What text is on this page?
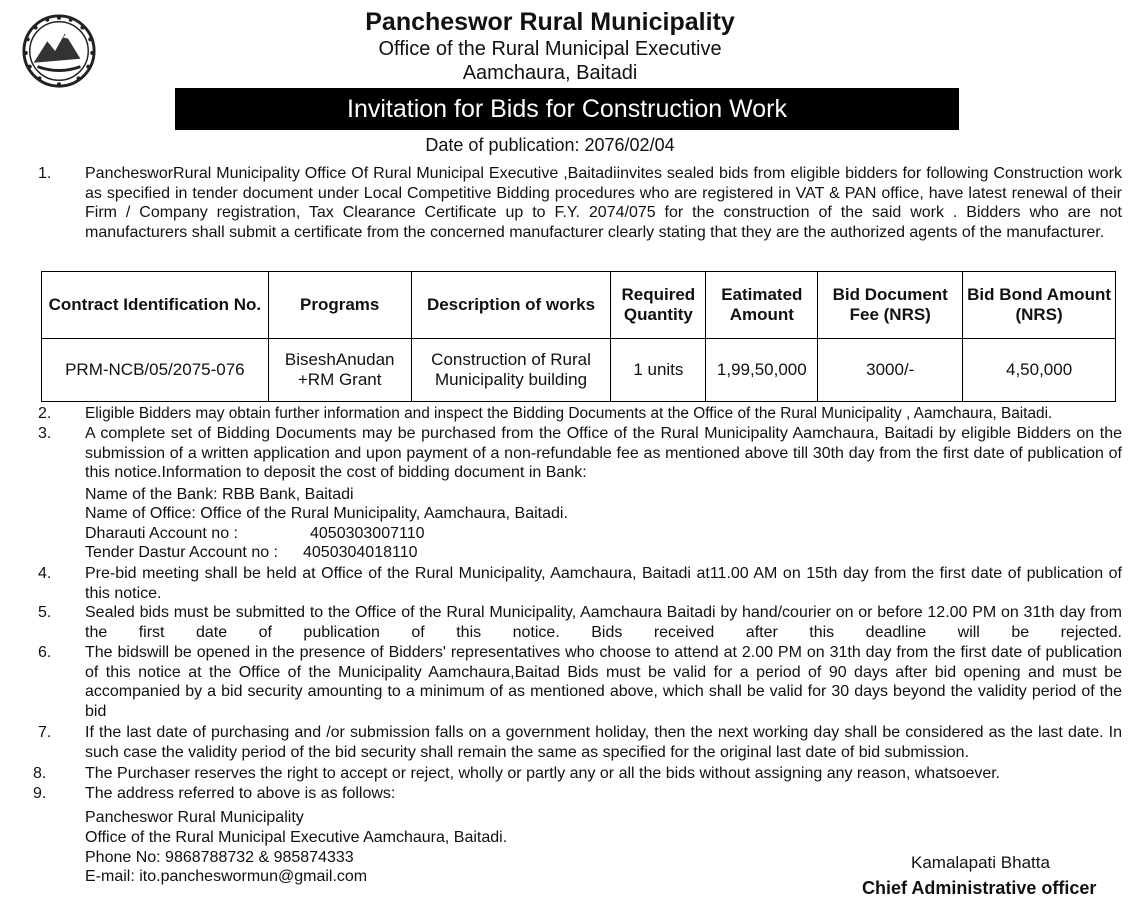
Pancheswor Rural Municipality
Office of the Rural Municipal Executive
Aamchaura, Baitadi
Invitation for Bids for Construction Work
Date of publication: 2076/02/04
1. PanchesworRural Municipality Office Of Rural Municipal Executive ,Baitadiinvites sealed bids from eligible bidders for following Construction work as specified in tender document under Local Competitive Bidding procedures who are registered in VAT & PAN office, have latest renewal of their Firm / Company registration, Tax Clearance Certificate up to F.Y. 2074/075 for the construction of the said work . Bidders who are not manufacturers shall submit a certificate from the concerned manufacturer clearly stating that they are the authorized agents of the manufacturer.
Contract Identification No.	Programs	Description of works	Required Quantity	Eatimated Amount	Bid Document Fee (NRS)	Bid Bond Amount (NRS)
PRM-NCB/05/2075-076	BiseshAnudan +RM Grant	Construction of Rural Municipality building	1 units	1,99,50,000	3000/-	4,50,000
2. Eligible Bidders may obtain further information and inspect the Bidding Documents at the Office of the Rural Municipality , Aamchaura, Baitadi.
3. A complete set of Bidding Documents may be purchased from the Office of the Rural Municipality Aamchaura, Baitadi by eligible Bidders on the submission of a written application and upon payment of a non-refundable fee as mentioned above till 30th day from the first date of publication of this notice.Information to deposit the cost of bidding document in Bank:
Name of the Bank: RBB Bank, Baitadi
Name of Office: Office of the Rural Municipality, Aamchaura, Baitadi.
Dharauti Account no :	4050303007110
Tender Dastur Account no : 4050304018110
4. Pre-bid meeting shall be held at Office of the Rural Municipality, Aamchaura, Baitadi at11.00 AM on 15th day from the first date of publication of this notice.
5. Sealed bids must be submitted to the Office of the Rural Municipality, Aamchaura Baitadi by hand/courier on or before 12.00 PM on 31th day from the first date of publication of this notice. Bids received after this deadline will be rejected.
6. The bidswill be opened in the presence of Bidders' representatives who choose to attend at 2.00 PM on 31th day from the first date of publication of this notice at the Office of the Municipality Aamchaura,Baitad Bids must be valid for a period of 90 days after bid opening and must be accompanied by a bid security amounting to a minimum of as mentioned above, which shall be valid for 30 days beyond the validity period of the bid
7. If the last date of purchasing and /or submission falls on a government holiday, then the next working day shall be considered as the last date. In such case the validity period of the bid security shall remain the same as specified for the original last date of bid submission.
8. The Purchaser reserves the right to accept or reject, wholly or partly any or all the bids without assigning any reason, whatsoever.
9. The address referred to above is as follows:
Pancheswor Rural Municipality
Office of the Rural Municipal Executive Aamchaura, Baitadi.
Phone No: 9868788732 & 985874333
E-mail: ito.pancheswormun@gmail.com
Kamalapati Bhatta
Chief Administrative officer
